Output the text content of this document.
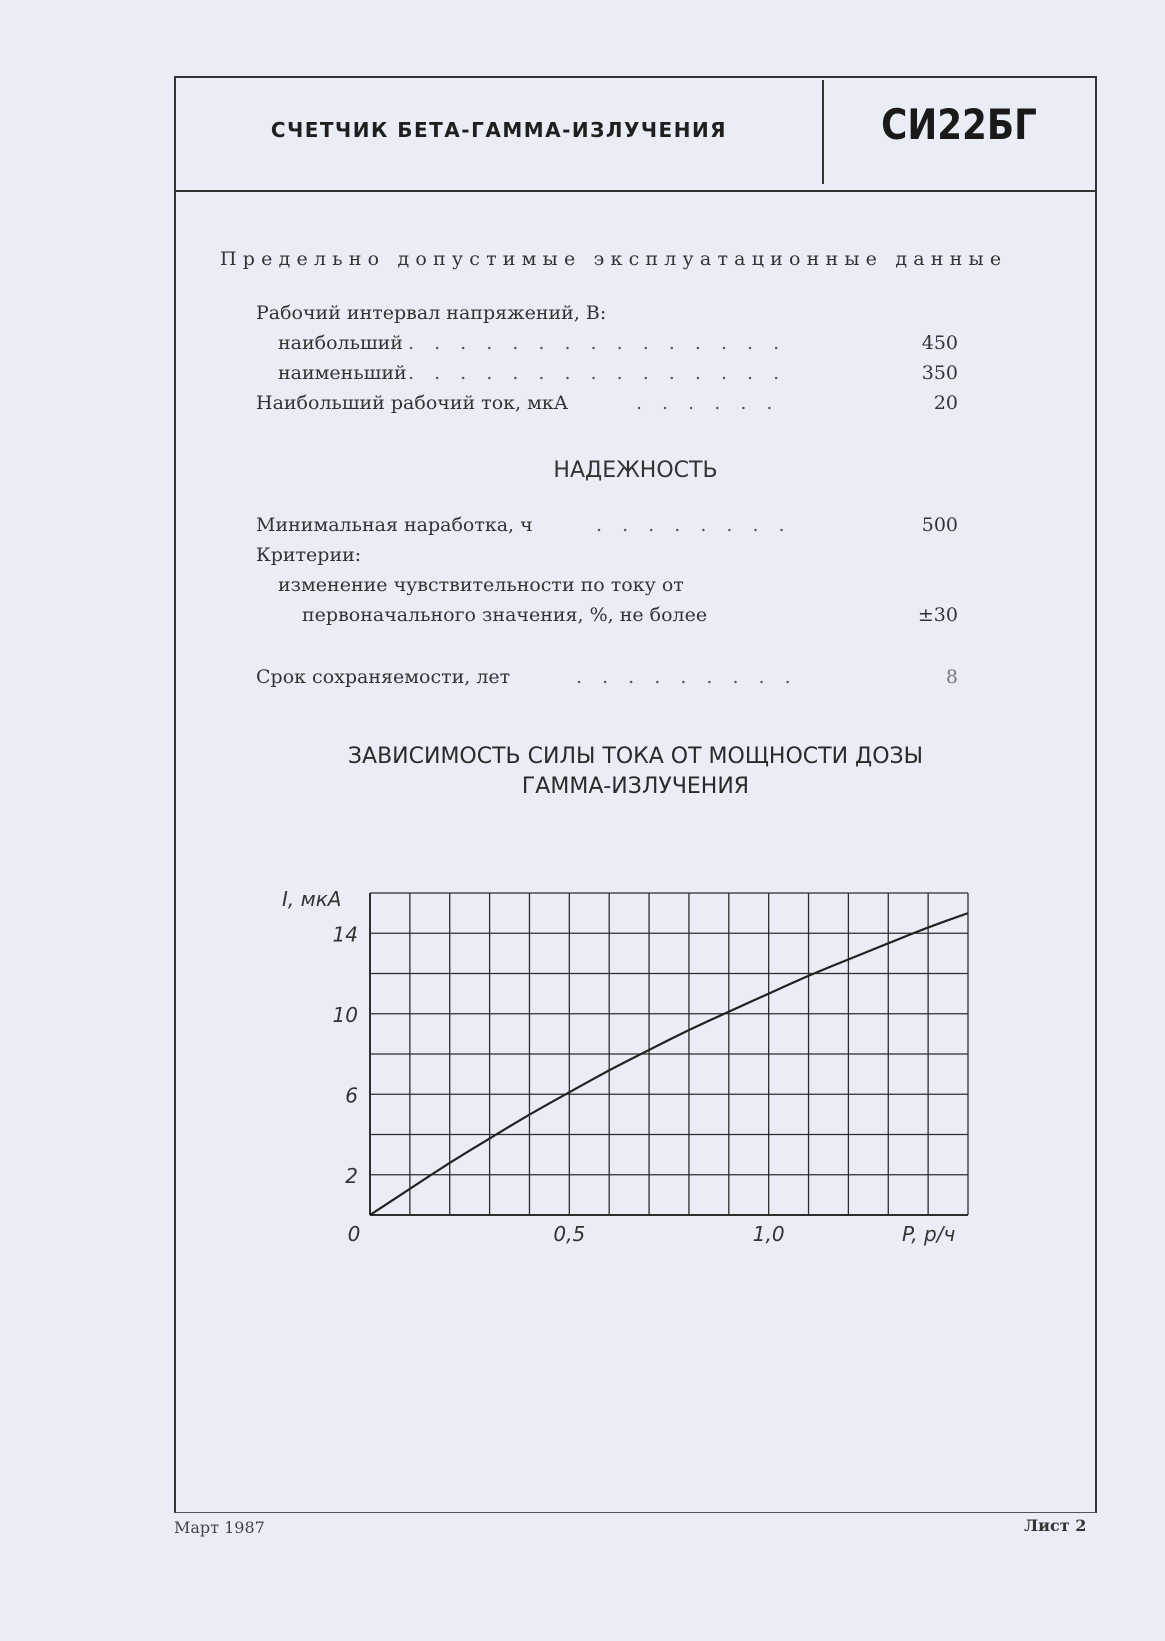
СЧЕТЧИК БЕТА-ГАММА-ИЗЛУЧЕНИЯ	СИ22БГ
Предельно допустимые эксплуатационные данные
Рабочий интервал напряжений, В:
наибольший . . . . . . . . . . . . . . .	450
наименьший . . . . . . . . . . . . . . .	350
Наибольший рабочий ток, мкА	. . . . . .	20
НАДЕЖНОСТЬ
Минимальная наработка, ч	. . . . . . . .	500
Критерии:
изменение чувствительности по току от
первоначального значения, %, не более	±30
Срок сохраняемости, лет	. . . . . . . . .	8
ЗАВИСИМОСТЬ СИЛЫ ТОКА ОТ МОЩНОСТИ ДОЗЫ
ГАММА-ИЗЛУЧЕНИЯ
0	0,5	1,0
2
6
10
14
I, мкА
P, р/ч
Март 1987	Лист 2
